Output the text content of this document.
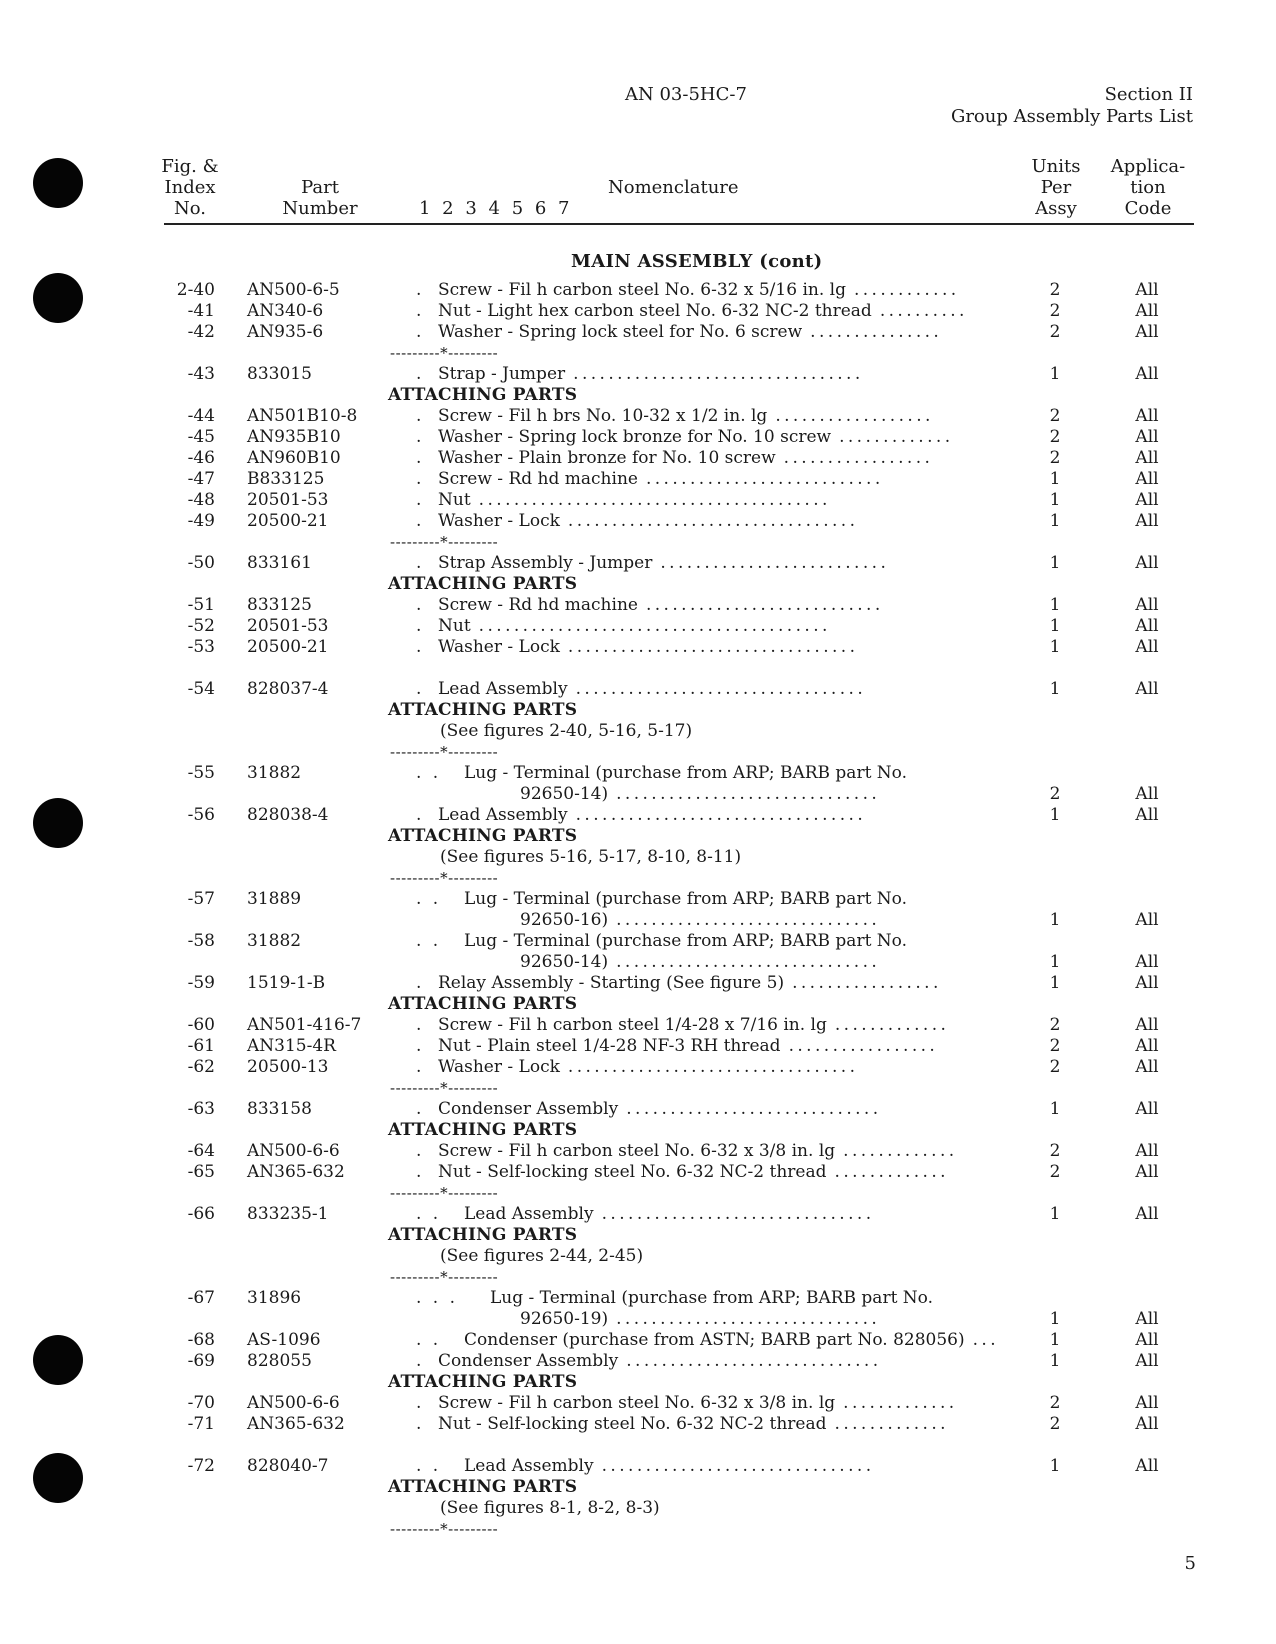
AN 03-5HC-7	Section II
Group Assembly Parts List
Fig. &
Index
No.
Part
Number	1 2 3 4 5 6 7
Nomenclature
Units
Per
Assy
Applica-
tion
Code
MAIN ASSEMBLY (cont)
2-40 AN500-6-5	. Screw - Fil h carbon steel No. 6-32 x 5/16 in. lg ............	2	All
-41 AN340-6	. Nut - Light hex carbon steel No. 6-32 NC-2 thread ..........	2	All
-42 AN935-6	. Washer - Spring lock steel for No. 6 screw ...............	2	All
---------*---------
-43 833015	. Strap - Jumper .................................	1	All
ATTACHING PARTS
-44 AN501B10-8	. Screw - Fil h brs No. 10-32 x 1/2 in. lg ..................	2	All
-45 AN935B10	. Washer - Spring lock bronze for No. 10 screw .............	2	All
-46 AN960B10	. Washer - Plain bronze for No. 10 screw .................	2	All
-47 B833125	. Screw - Rd hd machine ...........................	1	All
-48 20501-53	. Nut ........................................	1	All
-49 20500-21	. Washer - Lock .................................	1	All
---------*---------
-50 833161	. Strap Assembly - Jumper ..........................	1	All
ATTACHING PARTS
-51 833125	. Screw - Rd hd machine ...........................	1	All
-52 20501-53	. Nut ........................................	1	All
-53 20500-21	. Washer - Lock .................................	1	All
-54 828037-4	. Lead Assembly .................................	1	All
ATTACHING PARTS
(See figures 2-40, 5-16, 5-17)
---------*---------
-55 31882	. . Lug - Terminal (purchase from ARP; BARB part No.
92650-14) ..............................	2	All
-56 828038-4	. Lead Assembly .................................	1	All
ATTACHING PARTS
(See figures 5-16, 5-17, 8-10, 8-11)
---------*---------
-57 31889	. . Lug - Terminal (purchase from ARP; BARB part No.
92650-16) ..............................	1	All
-58 31882	. . Lug - Terminal (purchase from ARP; BARB part No.
92650-14) ..............................	1	All
-59 1519-1-B	. Relay Assembly - Starting (See figure 5) .................	1	All
ATTACHING PARTS
-60 AN501-416-7	. Screw - Fil h carbon steel 1/4-28 x 7/16 in. lg .............	2	All
-61 AN315-4R	. Nut - Plain steel 1/4-28 NF-3 RH thread .................	2	All
-62 20500-13	. Washer - Lock .................................	2	All
---------*---------
-63 833158	. Condenser Assembly .............................	1	All
ATTACHING PARTS
-64 AN500-6-6	. Screw - Fil h carbon steel No. 6-32 x 3/8 in. lg .............	2	All
-65 AN365-632	. Nut - Self-locking steel No. 6-32 NC-2 thread .............	2	All
---------*---------
-66 833235-1	. . Lead Assembly ...............................	1	All
ATTACHING PARTS
(See figures 2-44, 2-45)
---------*---------
-67 31896	. . . Lug - Terminal (purchase from ARP; BARB part No.
92650-19) ..............................	1	All
-68 AS-1096	. . Condenser (purchase from ASTN; BARB part No. 828056) ...	1	All
-69 828055	. Condenser Assembly .............................	1	All
ATTACHING PARTS
-70 AN500-6-6	. Screw - Fil h carbon steel No. 6-32 x 3/8 in. lg .............	2	All
-71 AN365-632	. Nut - Self-locking steel No. 6-32 NC-2 thread .............	2	All
-72 828040-7	. . Lead Assembly ...............................	1	All
ATTACHING PARTS
(See figures 8-1, 8-2, 8-3)
---------*---------
5
